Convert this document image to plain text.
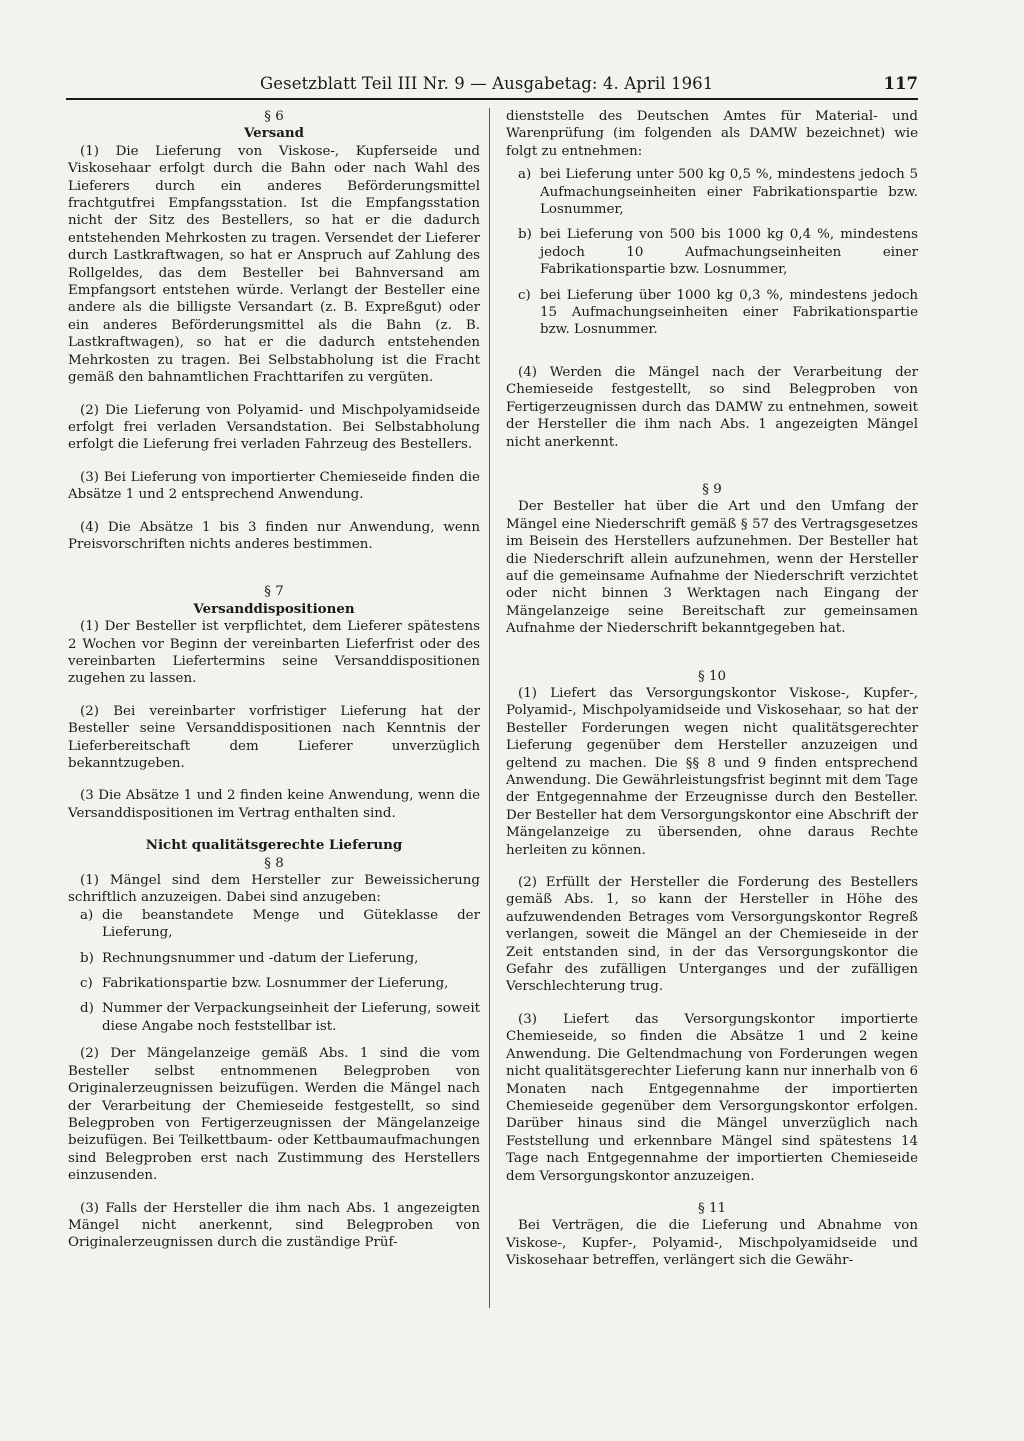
Gesetzblatt Teil III Nr. 9 — Ausgabetag: 4. April 1961	117
§ 6
Versand

(1) Die Lieferung von Viskose-, Kupferseide und Viskosehaar erfolgt durch die Bahn oder nach Wahl des Lieferers durch ein anderes Beförderungsmittel frachtgutfrei Empfangsstation. Ist die Empfangsstation nicht der Sitz des Bestellers, so hat er die dadurch entstehenden Mehrkosten zu tragen. Versendet der Lieferer durch Lastkraftwagen, so hat er Anspruch auf Zahlung des Rollgeldes, das dem Besteller bei Bahnversand am Empfangsort entstehen würde. Verlangt der Besteller eine andere als die billigste Versandart (z. B. Expreßgut) oder ein anderes Beförderungsmittel als die Bahn (z. B. Lastkraftwagen), so hat er die dadurch entstehenden Mehrkosten zu tragen. Bei Selbstabholung ist die Fracht gemäß den bahnamtlichen Frachttarifen zu vergüten.

(2) Die Lieferung von Polyamid- und Mischpolyamidseide erfolgt frei verladen Versandstation. Bei Selbstabholung erfolgt die Lieferung frei verladen Fahrzeug des Bestellers.

(3) Bei Lieferung von importierter Chemieseide finden die Absätze 1 und 2 entsprechend Anwendung.

(4) Die Absätze 1 bis 3 finden nur Anwendung, wenn Preisvorschriften nichts anderes bestimmen.

§ 7
Versanddispositionen

(1) Der Besteller ist verpflichtet, dem Lieferer spätestens 2 Wochen vor Beginn der vereinbarten Lieferfrist oder des vereinbarten Liefertermins seine Versanddispositionen zugehen zu lassen.

(2) Bei vereinbarter vorfristiger Lieferung hat der Besteller seine Versanddispositionen nach Kenntnis der Lieferbereitschaft dem Lieferer unverzüglich bekanntzugeben.

(3 Die Absätze 1 und 2 finden keine Anwendung, wenn die Versanddispositionen im Vertrag enthalten sind.

Nicht qualitätsgerechte Lieferung
§ 8

(1) Mängel sind dem Hersteller zur Beweissicherung schriftlich anzuzeigen. Dabei sind anzugeben:

a) die beanstandete Menge und Güteklasse der Lieferung,
b) Rechnungsnummer und -datum der Lieferung,
c) Fabrikationspartie bzw. Losnummer der Lieferung,
d) Nummer der Verpackungseinheit der Lieferung, soweit diese Angabe noch feststellbar ist.

(2) Der Mängelanzeige gemäß Abs. 1 sind die vom Besteller selbst entnommenen Belegproben von Originalerzeugnissen beizufügen. Werden die Mängel nach der Verarbeitung der Chemieseide festgestellt, so sind Belegproben von Fertigerzeugnissen der Mängelanzeige beizufügen. Bei Teilkettbaum- oder Kettbaumaufmachungen sind Belegproben erst nach Zustimmung des Herstellers einzusenden.

(3) Falls der Hersteller die ihm nach Abs. 1 angezeigten Mängel nicht anerkennt, sind Belegproben von Originalerzeugnissen durch die zuständige Prüf-

dienststelle des Deutschen Amtes für Material- und Warenprüfung (im folgenden als DAMW bezeichnet) wie folgt zu entnehmen:

a) bei Lieferung unter 500 kg 0,5 %, mindestens jedoch 5 Aufmachungseinheiten einer Fabrikationspartie bzw. Losnummer,
b) bei Lieferung von 500 bis 1000 kg 0,4 %, mindestens jedoch 10 Aufmachungseinheiten einer Fabrikationspartie bzw. Losnummer,
c) bei Lieferung über 1000 kg 0,3 %, mindestens jedoch 15 Aufmachungseinheiten einer Fabrikationspartie bzw. Losnummer.

(4) Werden die Mängel nach der Verarbeitung der Chemieseide festgestellt, so sind Belegproben von Fertigerzeugnissen durch das DAMW zu entnehmen, soweit der Hersteller die ihm nach Abs. 1 angezeigten Mängel nicht anerkennt.

§ 9

Der Besteller hat über die Art und den Umfang der Mängel eine Niederschrift gemäß § 57 des Vertragsgesetzes im Beisein des Herstellers aufzunehmen. Der Besteller hat die Niederschrift allein aufzunehmen, wenn der Hersteller auf die gemeinsame Aufnahme der Niederschrift verzichtet oder nicht binnen 3 Werktagen nach Eingang der Mängelanzeige seine Bereitschaft zur gemeinsamen Aufnahme der Niederschrift bekanntgegeben hat.

§ 10

(1) Liefert das Versorgungskontor Viskose-, Kupfer-, Polyamid-, Mischpolyamidseide und Viskosehaar, so hat der Besteller Forderungen wegen nicht qualitätsgerechter Lieferung gegenüber dem Hersteller anzuzeigen und geltend zu machen. Die §§ 8 und 9 finden entsprechend Anwendung. Die Gewährleistungsfrist beginnt mit dem Tage der Entgegennahme der Erzeugnisse durch den Besteller. Der Besteller hat dem Versorgungskontor eine Abschrift der Mängelanzeige zu übersenden, ohne daraus Rechte herleiten zu können.

(2) Erfüllt der Hersteller die Forderung des Bestellers gemäß Abs. 1, so kann der Hersteller in Höhe des aufzuwendenden Betrages vom Versorgungskontor Regreß verlangen, soweit die Mängel an der Chemieseide in der Zeit entstanden sind, in der das Versorgungskontor die Gefahr des zufälligen Unterganges und der zufälligen Verschlechterung trug.

(3) Liefert das Versorgungskontor importierte Chemieseide, so finden die Absätze 1 und 2 keine Anwendung. Die Geltendmachung von Forderungen wegen nicht qualitätsgerechter Lieferung kann nur innerhalb von 6 Monaten nach Entgegennahme der importierten Chemieseide gegenüber dem Versorgungskontor erfolgen. Darüber hinaus sind die Mängel unverzüglich nach Feststellung und erkennbare Mängel sind spätestens 14 Tage nach Entgegennahme der importierten Chemieseide dem Versorgungskontor anzuzeigen.

§ 11

Bei Verträgen, die die Lieferung und Abnahme von Viskose-, Kupfer-, Polyamid-, Mischpolyamidseide und Viskosehaar betreffen, verlängert sich die Gewähr-
